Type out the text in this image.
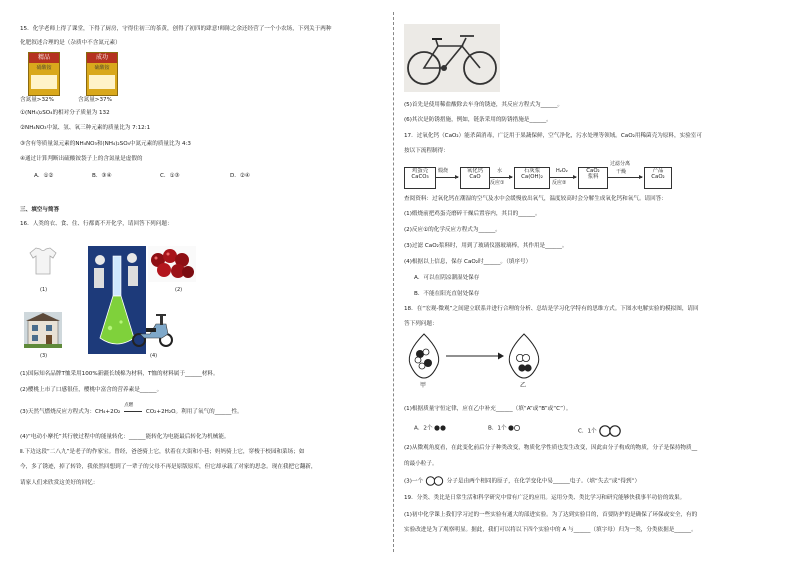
15．化学老师上得了课堂，下得了厨房，守得住初三的茶黄，创得了初四的肆意!师陈之余还经营了一个小农场，下列关于两种
化肥叙述合理的是（杂质中不含氮元素）
精品
硝酸铵
成功
硫酸铵
含氮量>32%	含氮量>37%
①(NH₄)₂SO₄的相对分子质量为 132
②NH₄NO₃中氮、氢、氧三种元素的质量比为 7:12:1
③含有等质量氮元素的NH₄NO₃和(NH₄)₂SO₄中氮元素的质量比为 4:3
④通过计算判断出硫酸铵袋子上的含氮量是虚假的
A．①②	B．③④	C．①③	D．②④
三、填空与简答
16．人类的衣、食、住、行都离不开化学，请回答下列问题：
(1)	(2)
(3)	(4)
(1)国际知名品牌T恤采用100%新疆长绒棉为材料，T恤的材料属于______材料。
(2)樱桃上市了口感很佳，樱桃中富含的营养素是______。
(3)天然气燃烧反应方程式为：CH₄+2O₂
点燃
CO₂+2H₂O。利用了氧气的______性。
(4)“电动小摩托”其行驶过程中的能量转化：______能转化为电能最后转化为机械能。
Ⅱ.下边这段“二八九”是老子的作家宝。曾经，爸爸骑上它，驮着在大街和小巷；妈妈骑上它，穿梭于校园和菜场；如
今，多了锈迹，掉了转铃，我依然回想到了一辈子的父母不再是原版原库，但它却承载了对家的思念。现在我把它翻新，
请家人们来欣赏这美好的回忆：
(5)首先是使用稀盐酸除去车身的锈迹，其反应方程式为______。
(6)其次是防锈措施，例如，链条采用的防锈措施是______。
17．过氧化钙（CaO₂）能杀菌消毒，广泛用于果蔬保鲜，空气净化，污水处理等领域。CaO₂用稀菌壳为原料，实验室可
按以下流程制得：
鸡蛋壳
CaCO₃
煅烧	氧化钙
CaO
水
反应①
石灰浆
Ca(OH)₂
H₂O₂
反应②
CaO₂
浆料
过滤分离
干燥	产品
CaO₂
查阅资料：过氧化钙在潮湿的空气及水中会缓慢放出氧气，温度较高时会分解生成氧化钙和氧气。请回答：
(1)煅烧前把鸡蛋壳磨碎干燥后置容内，其目的______。
(2)反应①的化学反应方程式为______。
(3)过滤 CaO₂浆料时，用到了玻璃仪器玻璃棒，其作用是______。
(4)根据以上信息，保存 CaO₂时______。（填序号）
A．可以在阴凉潮湿处保存
B．不能在阳光直射处保存
18．在“宏观-微观”之间建立联系并进行合理的分析、总结是学习化学特有的思维方式。下图水电解实验的模拟图，请回
答下列问题：
甲	乙
(1)根据质量守恒定律，应在乙中补充______（填“A”或“B”或“C”）。
A．2个	B．1个	C．1个
(2)从微观角度看，在此变化前后分子种类改变，物质化学性质也发生改变，因此由分子构成的物质，分子是保持物质__
的最小粒子。
(3)一个	分子是由两个相同的原子，在化学变化中易______电子。（填“失去”或“得到”）
19．分类、类比是日常生活和科学研究中常有广泛的应用。运用分类、类比学习和研究能够快我事半功倍的效果。
(1)初中化学课上我们学习过的一些实验有通大的部进实验。为了达到实验目的，首要防护的是确保了环保或安全，有的
实验改进是为了观察明显。据此，我们可以将以下四个实验中的 A 与______（填字母）归为一类，分类依据是______。
